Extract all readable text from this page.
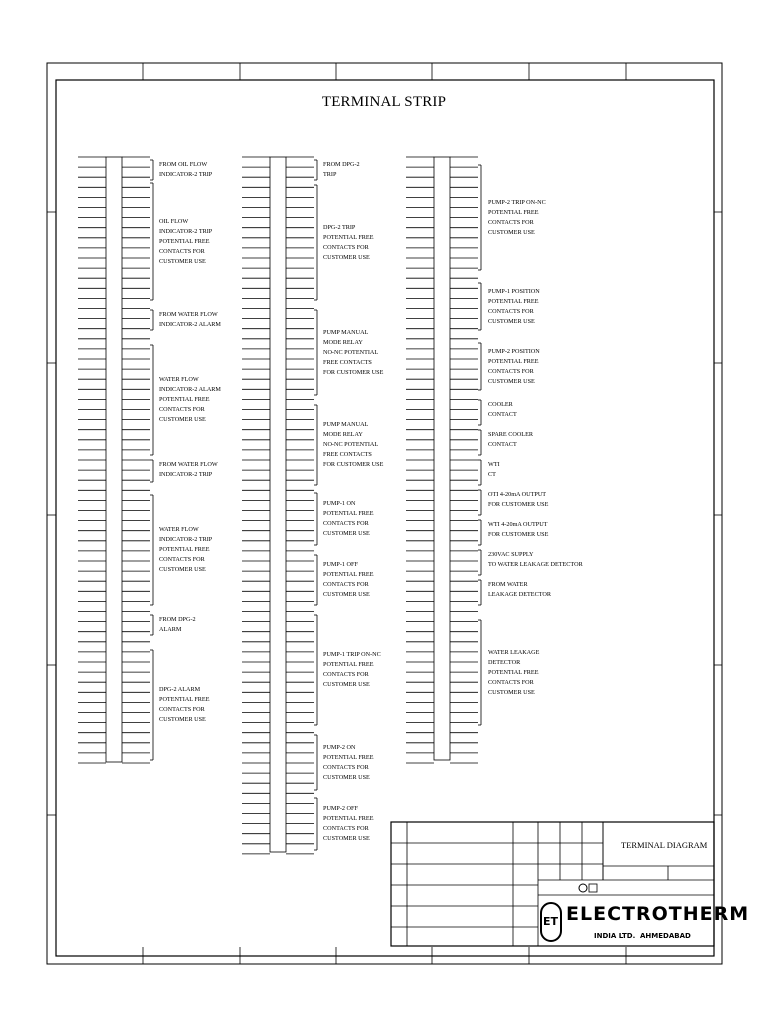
TERMINAL STRIP
FROM OIL FLOW
INDICATOR-2 TRIP
OIL FLOW
INDICATOR-2 TRIP
POTENTIAL FREE
CONTACTS FOR
CUSTOMER USE
FROM WATER FLOW
INDICATOR-2 ALARM
WATER FLOW
INDICATOR-2 ALARM
POTENTIAL FREE
CONTACTS FOR
CUSTOMER USE
FROM WATER FLOW
INDICATOR-2 TRIP
WATER FLOW
INDICATOR-2 TRIP
POTENTIAL FREE
CONTACTS FOR
CUSTOMER USE
FROM DPG-2
ALARM
DPG-2 ALARM
POTENTIAL FREE
CONTACTS FOR
CUSTOMER USE
FROM DPG-2
TRIP
DPG-2 TRIP
POTENTIAL FREE
CONTACTS FOR
CUSTOMER USE
PUMP MANUAL
MODE RELAY
NO-NC POTENTIAL
FREE CONTACTS
FOR CUSTOMER USE
PUMP MANUAL
MODE RELAY
NO-NC POTENTIAL
FREE CONTACTS
FOR CUSTOMER USE
PUMP-1 ON
POTENTIAL FREE
CONTACTS FOR
CUSTOMER USE
PUMP-1 OFF
POTENTIAL FREE
CONTACTS FOR
CUSTOMER USE
PUMP-1 TRIP ON-NC
POTENTIAL FREE
CONTACTS FOR
CUSTOMER USE
PUMP-2 ON
POTENTIAL FREE
CONTACTS FOR
CUSTOMER USE
PUMP-2 OFF
POTENTIAL FREE
CONTACTS FOR
CUSTOMER USE
PUMP-2 TRIP ON-NC
POTENTIAL FREE
CONTACTS FOR
CUSTOMER USE
PUMP-1 POSITION
POTENTIAL FREE
CONTACTS FOR
CUSTOMER USE
PUMP-2 POSITION
POTENTIAL FREE
CONTACTS FOR
CUSTOMER USE
COOLER
CONTACT
SPARE COOLER
CONTACT
WTI
CT
OTI 4-20mA OUTPUT
FOR CUSTOMER USE
WTI 4-20mA OUTPUT
FOR CUSTOMER USE
230VAC SUPPLY
TO WATER LEAKAGE DETECTOR
FROM WATER
LEAKAGE DETECTOR
WATER LEAKAGE
DETECTOR
POTENTIAL FREE
CONTACTS FOR
CUSTOMER USE
TERMINAL DIAGRAM
ELECTROTHERM
INDIA LTD. AHMEDABAD
ET
